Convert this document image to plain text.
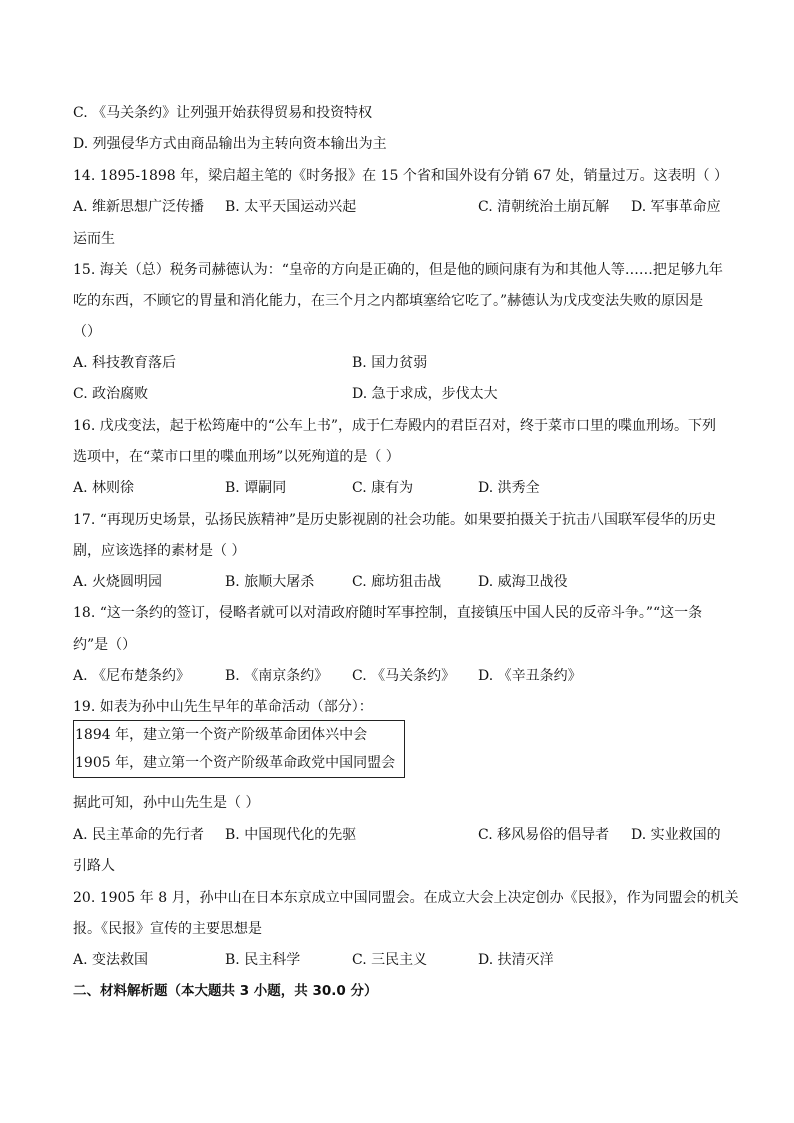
C. 《马关条约》让列强开始获得贸易和投资特权
D. 列强侵华方式由商品输出为主转向资本输出为主
14. 1895-1898 年，梁启超主笔的《时务报》在 15 个省和国外设有分销 67 处，销量过万。这表明（ ）
A. 维新思想广泛传播 B. 太平天国运动兴起	C. 清朝统治土崩瓦解 D. 军事革命应
运而生
15. 海关（总）税务司赫德认为：“皇帝的方向是正确的，但是他的顾问康有为和其他人等……把足够九年
吃的东西，不顾它的胃量和消化能力，在三个月之内都填塞给它吃了。”赫德认为戊戌变法失败的原因是
（）
A. 科技教育落后	B. 国力贫弱
C. 政治腐败	D. 急于求成，步伐太大
16. 戊戌变法，起于松筠庵中的“公车上书”，成于仁寿殿内的君臣召对，终于菜市口里的喋血刑场。下列
选项中，在“菜市口里的喋血刑场”以死殉道的是（ ）
A. 林则徐	B. 谭嗣同	C. 康有为	D. 洪秀全
17. “再现历史场景，弘扬民族精神”是历史影视剧的社会功能。如果要拍摄关于抗击八国联军侵华的历史
剧，应该选择的素材是（ ）
A. 火烧圆明园	B. 旅顺大屠杀	C. 廊坊狙击战	D. 威海卫战役
18. “这一条约的签订，侵略者就可以对清政府随时军事控制，直接镇压中国人民的反帝斗争。”“这一条
约”是（）
A. 《尼布楚条约》 B. 《南京条约》 C. 《马关条约》 D. 《辛丑条约》
19. 如表为孙中山先生早年的革命活动（部分）：
1894 年，建立第一个资产阶级革命团体兴中会
1905 年，建立第一个资产阶级革命政党中国同盟会
据此可知，孙中山先生是（ ）
A. 民主革命的先行者 B. 中国现代化的先驱	C. 移风易俗的倡导者 D. 实业救国的
引路人
20. 1905 年 8 月，孙中山在日本东京成立中国同盟会。在成立大会上决定创办《民报》，作为同盟会的机关
报。《民报》宣传的主要思想是
A. 变法救国	B. 民主科学	C. 三民主义	D. 扶清灭洋
二、材料解析题（本大题共 3 小题，共 30.0 分）
